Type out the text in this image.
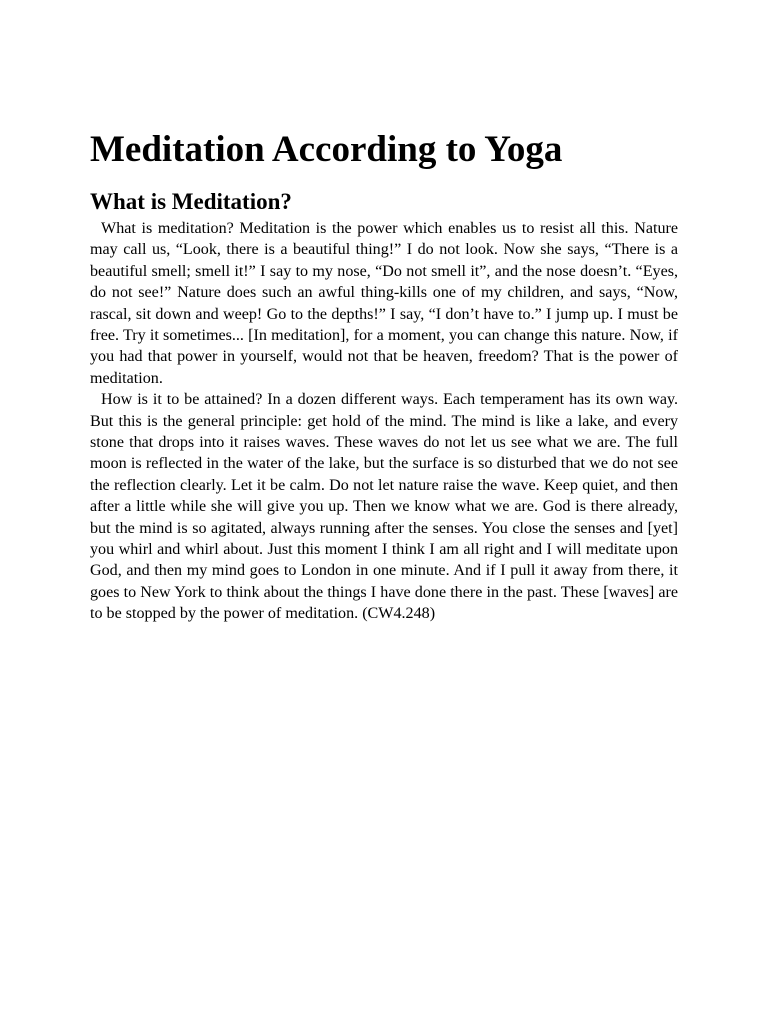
Meditation According to Yoga
What is Meditation?

What is meditation? Meditation is the power which enables us to resist all this. Nature may call us, “Look, there is a beautiful thing!” I do not look. Now she says, “There is a beautiful smell; smell it!” I say to my nose, “Do not smell it”, and the nose doesn’t. “Eyes, do not see!” Nature does such an awful thing-kills one of my children, and says, “Now, rascal, sit down and weep! Go to the depths!” I say, “I don’t have to.” I jump up. I must be free. Try it sometimes... [In meditation], for a moment, you can change this nature. Now, if you had that power in yourself, would not that be heaven, freedom? That is the power of meditation.

How is it to be attained? In a dozen different ways. Each temperament has its own way. But this is the general principle: get hold of the mind. The mind is like a lake, and every stone that drops into it raises waves. These waves do not let us see what we are. The full moon is reflected in the water of the lake, but the surface is so disturbed that we do not see the reflection clearly. Let it be calm. Do not let nature raise the wave. Keep quiet, and then after a little while she will give you up. Then we know what we are. God is there already, but the mind is so agitated, always running after the senses. You close the senses and [yet] you whirl and whirl about. Just this moment I think I am all right and I will meditate upon God, and then my mind goes to London in one minute. And if I pull it away from there, it goes to New York to think about the things I have done there in the past. These [waves] are to be stopped by the power of meditation. (CW4.248)
